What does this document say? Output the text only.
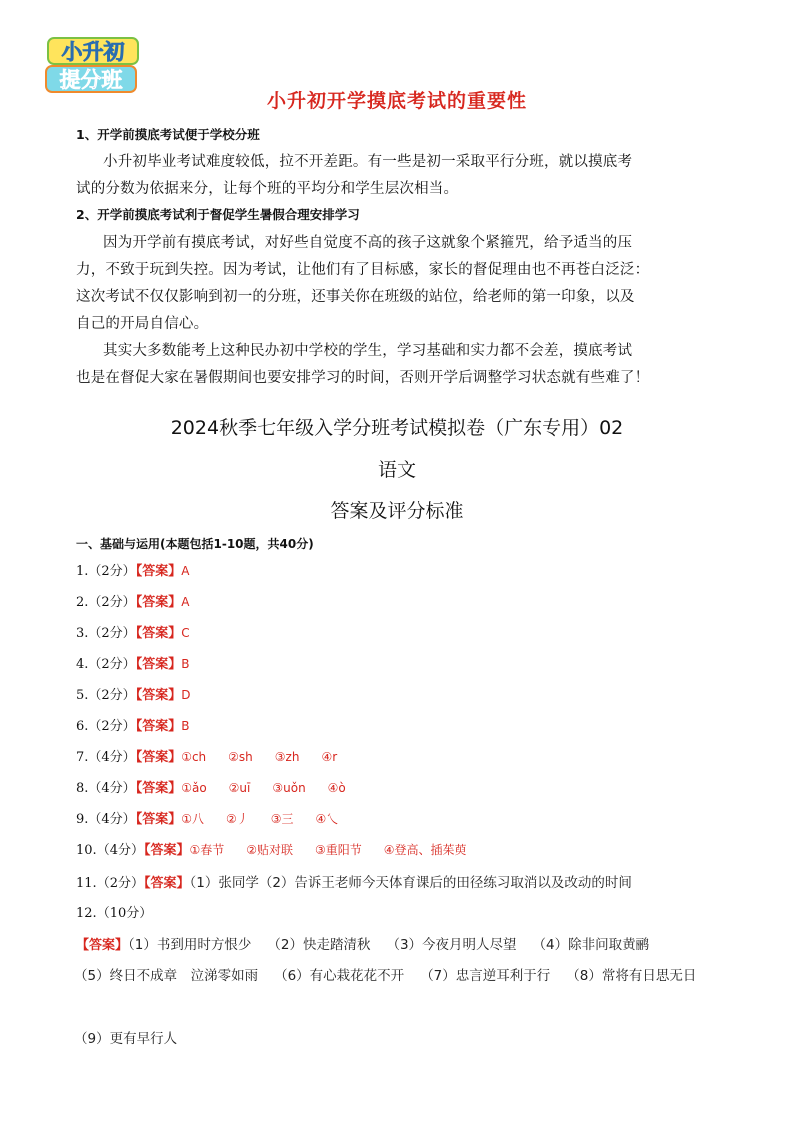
小升初
提分班
小升初开学摸底考试的重要性
1、开学前摸底考试便于学校分班
小升初毕业考试难度较低，拉不开差距。有一些是初一采取平行分班，就以摸底考
试的分数为依据来分，让每个班的平均分和学生层次相当。
2、开学前摸底考试利于督促学生暑假合理安排学习
因为开学前有摸底考试，对好些自觉度不高的孩子这就象个紧箍咒，给予适当的压
力，不致于玩到失控。因为考试，让他们有了目标感，家长的督促理由也不再苍白泛泛：
这次考试不仅仅影响到初一的分班，还事关你在班级的站位，给老师的第一印象，以及
自己的开局自信心。
其实大多数能考上这种民办初中学校的学生，学习基础和实力都不会差，摸底考试
也是在督促大家在暑假期间也要安排学习的时间，否则开学后调整学习状态就有些难了！
2024秋季七年级入学分班考试模拟卷（广东专用）02
语文
答案及评分标准
一、基础与运用(本题包括1-10题，共40分)
1.（2分）【答案】A
2.（2分）【答案】A
3.（2分）【答案】C
4.（2分）【答案】B
5.（2分）【答案】D
6.（2分）【答案】B
7.（4分）【答案】①ch ②sh ③zh ④r
8.（4分）【答案】①ǎo ②uī ③uǒn ④ò
9.（4分）【答案】①八 ②丿 ③三 ④乀
10.（4分）【答案】①春节 ②贴对联 ③重阳节 ④登高、插茱萸
11.（2分）【答案】（1）张同学（2）告诉王老师今天体育课后的田径练习取消以及改动的时间
12.（10分）
【答案】（1）书到用时方恨少 （2）快走踏清秋 （3）今夜月明人尽望 （4）除非问取黄鹂
（5）终日不成章　泣涕零如雨 （6）有心栽花花不开 （7）忠言逆耳利于行 （8）常将有日思无日
（9）更有早行人
